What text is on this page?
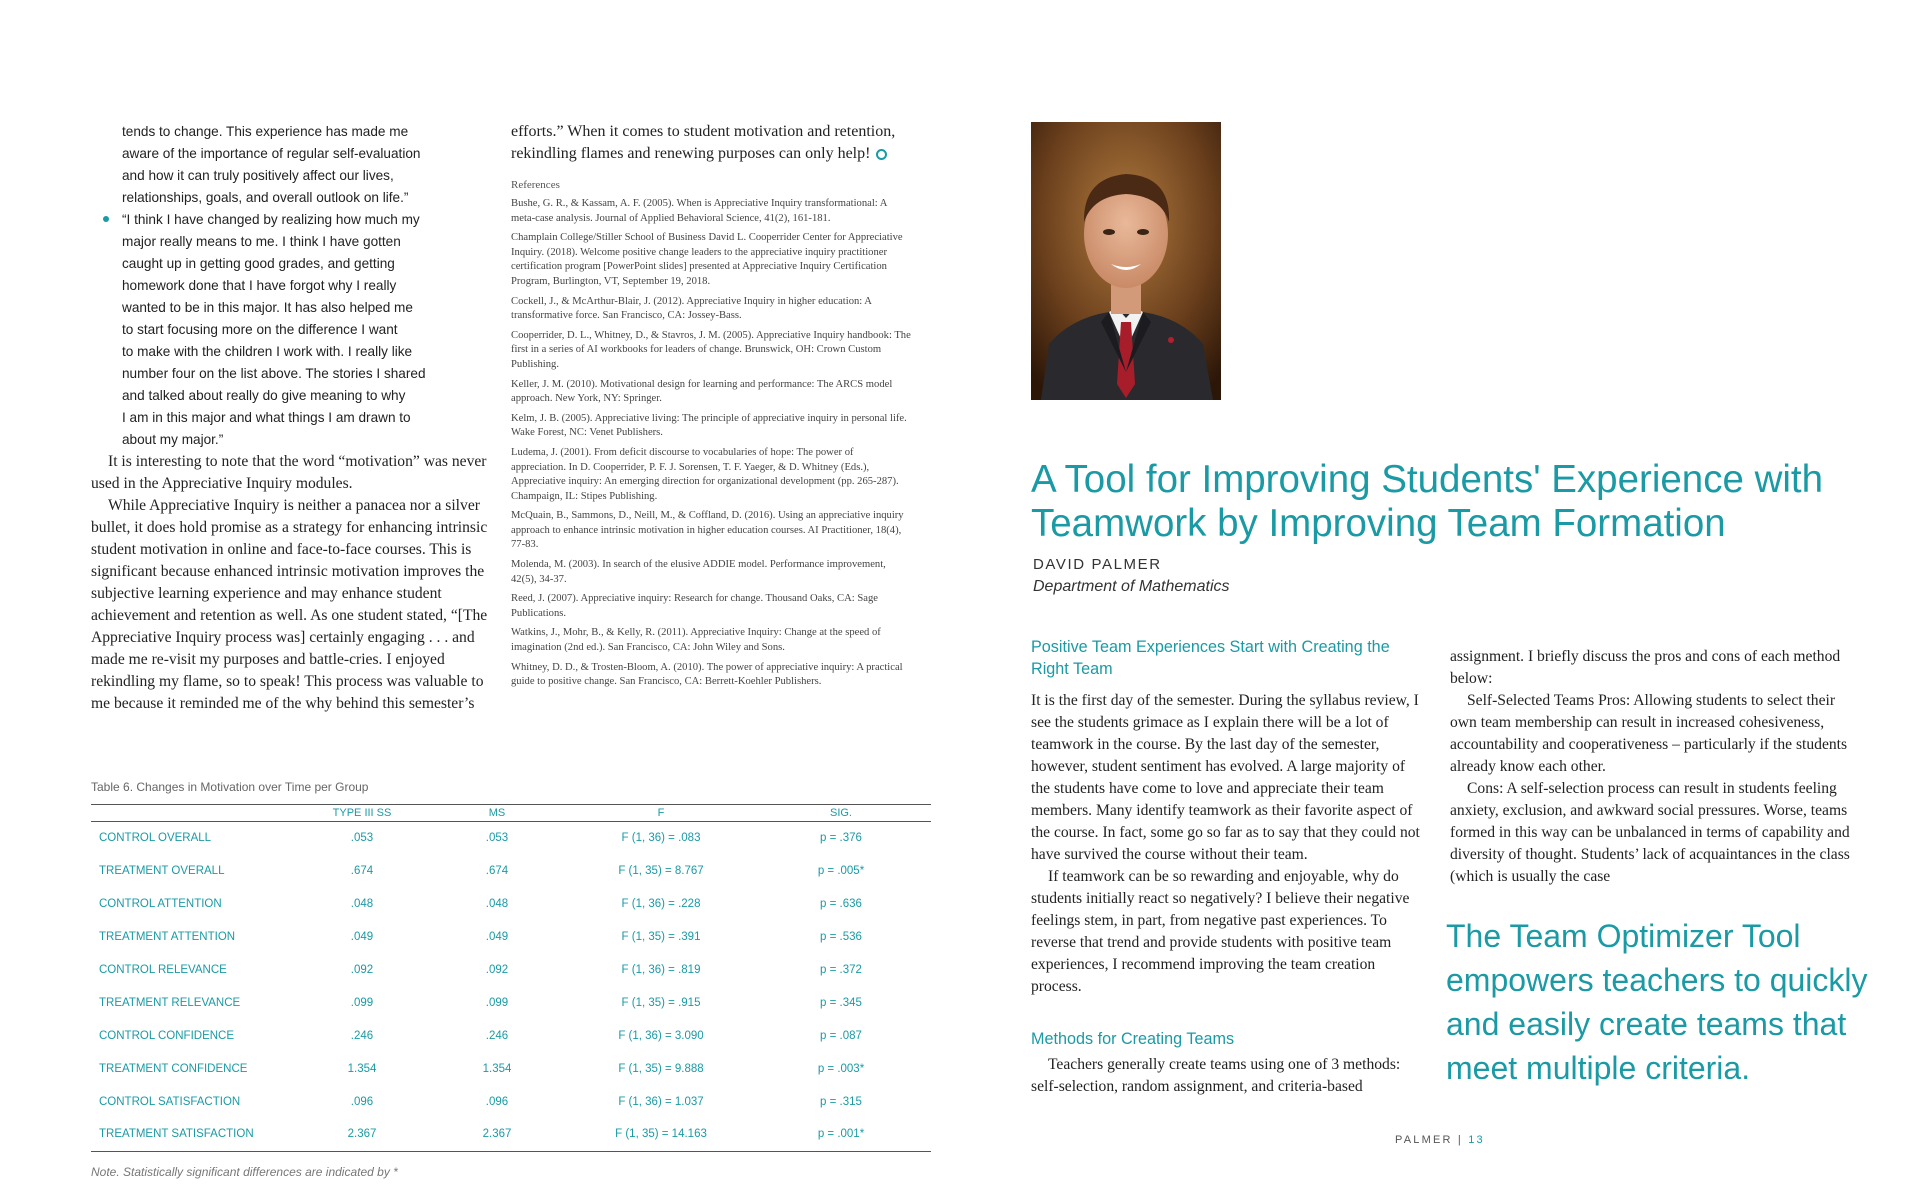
tends to change. This experience has made me

aware of the importance of regular self-evaluation

and how it can truly positively affect our lives,

relationships, goals, and overall outlook on life.”

“I think I have changed by realizing how much my

major really means to me. I think I have gotten

caught up in getting good grades, and getting

homework done that I have forgot why I really

wanted to be in this major. It has also helped me

to start focusing more on the difference I want

to make with the children I work with. I really like

number four on the list above. The stories I shared

and talked about really do give meaning to why

I am in this major and what things I am drawn to

about my major.”

It is interesting to note that the word “motivation” was never used in the Appreciative Inquiry modules.

While Appreciative Inquiry is neither a panacea nor a silver bullet, it does hold promise as a strategy for enhancing intrinsic student motivation in online and face-to-face courses. This is significant because enhanced intrinsic motivation improves the subjective learning experience and may enhance student achievement and retention as well. As one student stated, “[The Appreciative Inquiry process was] certainly engaging . . . and made me re-visit my purposes and battle-cries. I enjoyed rekindling my flame, so to speak! This process was valuable to me because it reminded me of the why behind this semester’s

efforts.” When it comes to student motivation and retention, rekindling flames and renewing purposes can only help!

References

Bushe, G. R., & Kassam, A. F. (2005). When is Appreciative Inquiry transformational: A meta-case analysis. Journal of Applied Behavioral Science, 41(2), 161-181.

Champlain College/Stiller School of Business David L. Cooperrider Center for Appreciative Inquiry. (2018). Welcome positive change leaders to the appreciative inquiry practitioner certification program [PowerPoint slides] presented at Appreciative Inquiry Certification Program, Burlington, VT, September 19, 2018.

Cockell, J., & McArthur-Blair, J. (2012). Appreciative Inquiry in higher education: A transformative force. San Francisco, CA: Jossey-Bass.

Cooperrider, D. L., Whitney, D., & Stavros, J. M. (2005). Appreciative Inquiry handbook: The first in a series of AI workbooks for leaders of change. Brunswick, OH: Crown Custom Publishing.

Keller, J. M. (2010). Motivational design for learning and performance: The ARCS model approach. New York, NY: Springer.

Kelm, J. B. (2005). Appreciative living: The principle of appreciative inquiry in personal life. Wake Forest, NC: Venet Publishers.

Ludema, J. (2001). From deficit discourse to vocabularies of hope: The power of appreciation. In D. Cooperrider, P. F. J. Sorensen, T. F. Yaeger, & D. Whitney (Eds.), Appreciative inquiry: An emerging direction for organizational development (pp. 265-287). Champaign, IL: Stipes Publishing.

McQuain, B., Sammons, D., Neill, M., & Coffland, D. (2016). Using an appreciative inquiry approach to enhance intrinsic motivation in higher education courses. AI Practitioner, 18(4), 77-83.

Molenda, M. (2003). In search of the elusive ADDIE model. Performance improvement, 42(5), 34-37.

Reed, J. (2007). Appreciative inquiry: Research for change. Thousand Oaks, CA: Sage Publications.

Watkins, J., Mohr, B., & Kelly, R. (2011). Appreciative Inquiry: Change at the speed of imagination (2nd ed.). San Francisco, CA: John Wiley and Sons.

Whitney, D. D., & Trosten-Bloom, A. (2010). The power of appreciative inquiry: A practical guide to positive change. San Francisco, CA: Berrett-Koehler Publishers.

Table 6. Changes in Motivation over Time per Group
	TYPE III SS	MS	F	SIG.
CONTROL OVERALL	.053	.053	F (1, 36) = .083	p = .376
TREATMENT OVERALL	.674	.674	F (1, 35) = 8.767	p = .005*
CONTROL ATTENTION	.048	.048	F (1, 36) = .228	p = .636
TREATMENT ATTENTION	.049	.049	F (1, 35) = .391	p = .536
CONTROL RELEVANCE	.092	.092	F (1, 36) = .819	p = .372
TREATMENT RELEVANCE	.099	.099	F (1, 35) = .915	p = .345
CONTROL CONFIDENCE	.246	.246	F (1, 36) = 3.090	p = .087
TREATMENT CONFIDENCE	1.354	1.354	F (1, 35) = 9.888	p = .003*
CONTROL SATISFACTION	.096	.096	F (1, 36) = 1.037	p = .315
TREATMENT SATISFACTION	2.367	2.367	F (1, 35) = 14.163	p = .001*
Note. Statistically significant differences are indicated by *
A Tool for Improving Students' Experience with Teamwork by Improving Team Formation
DAVID PALMER
Department of Mathematics
Positive Team Experiences Start with Creating the Right Team

It is the first day of the semester. During the syllabus review, I see the students grimace as I explain there will be a lot of teamwork in the course. By the last day of the semester, however, student sentiment has evolved. A large majority of the students have come to love and appreciate their team members. Many identify teamwork as their favorite aspect of the course. In fact, some go so far as to say that they could not have survived the course without their team.

If teamwork can be so rewarding and enjoyable, why do students initially react so negatively? I believe their negative feelings stem, in part, from negative past experiences. To reverse that trend and provide students with positive team experiences, I recommend improving the team creation process.

Methods for Creating Teams

Teachers generally create teams using one of 3 methods: self-selection, random assignment, and criteria-based

assignment. I briefly discuss the pros and cons of each method below:

Self-Selected Teams Pros: Allowing students to select their own team membership can result in increased cohesiveness, accountability and cooperativeness – particularly if the students already know each other.

Cons: A self-selection process can result in students feeling anxiety, exclusion, and awkward social pressures. Worse, teams formed in this way can be unbalanced in terms of capability and diversity of thought. Students’ lack of acquaintances in the class (which is usually the case

The Team Optimizer Tool
empowers teachers to quickly
and easily create teams that
meet multiple criteria.
PALMER | 13
